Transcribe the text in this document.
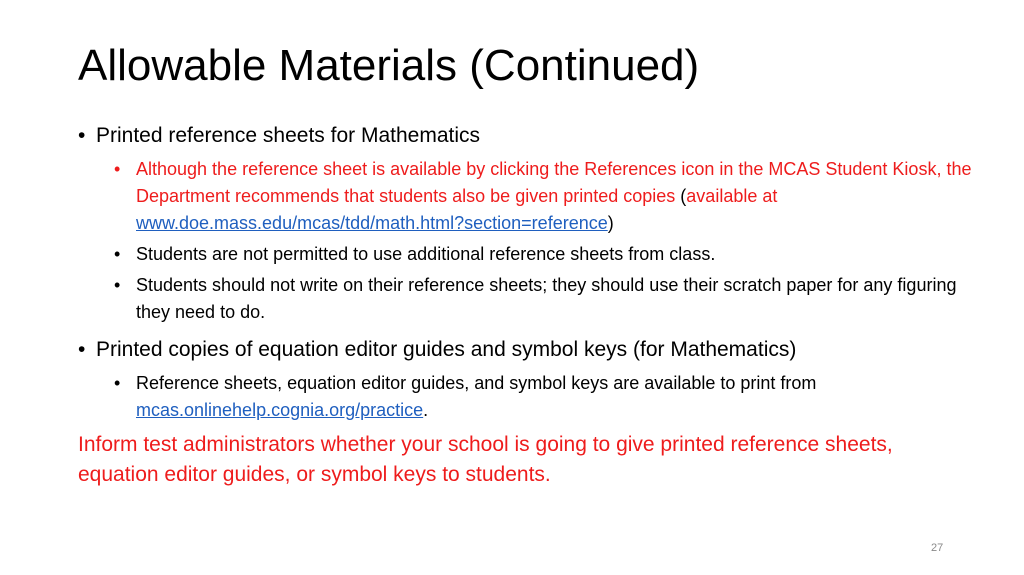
Allowable Materials (Continued)
• Printed reference sheets for Mathematics
• Although the reference sheet is available by clicking the References icon in the MCAS Student Kiosk, the Department recommends that students also be given printed copies (available at
www.doe.mass.edu/mcas/tdd/math.html?section=reference)
• Students are not permitted to use additional reference sheets from class.
• Students should not write on their reference sheets; they should use their scratch paper for any figuring they need to do.
• Printed copies of equation editor guides and symbol keys (for Mathematics)
• Reference sheets, equation editor guides, and symbol keys are available to print from mcas.onlinehelp.cognia.org/practice.
Inform test administrators whether your school is going to give printed reference sheets, equation editor guides, or symbol keys to students.
27
